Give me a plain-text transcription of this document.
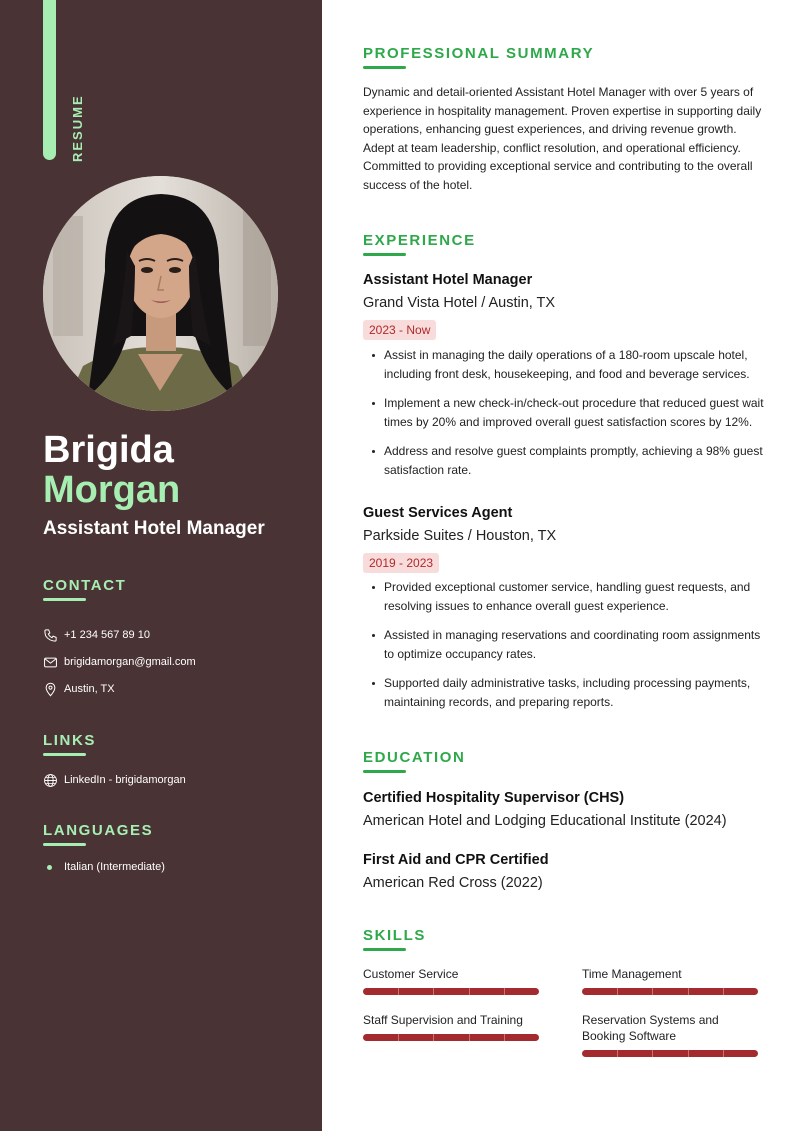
RESUME
Brigida
Morgan
Assistant Hotel Manager
CONTACT
+1 234 567 89 10
brigidamorgan@gmail.com
Austin, TX
LINKS
LinkedIn - brigidamorgan
LANGUAGES
Italian (Intermediate)
PROFESSIONAL SUMMARY

Dynamic and detail-oriented Assistant Hotel Manager with over 5 years of experience in hospitality management. Proven expertise in supporting daily operations, enhancing guest experiences, and driving revenue growth. Adept at team leadership, conflict resolution, and operational efficiency. Committed to providing exceptional service and contributing to the overall success of the hotel.

EXPERIENCE
Assistant Hotel Manager
Grand Vista Hotel / Austin, TX
2023 - Now
Assist in managing the daily operations of a 180-room upscale hotel, including front desk, housekeeping, and food and beverage services.
Implement a new check-in/check-out procedure that reduced guest wait times by 20% and improved overall guest satisfaction scores by 12%.
Address and resolve guest complaints promptly, achieving a 98% guest satisfaction rate.
Guest Services Agent
Parkside Suites / Houston, TX
2019 - 2023
Provided exceptional customer service, handling guest requests, and resolving issues to enhance overall guest experience.
Assisted in managing reservations and coordinating room assignments to optimize occupancy rates.
Supported daily administrative tasks, including processing payments, maintaining records, and preparing reports.
EDUCATION
Certified Hospitality Supervisor (CHS)
American Hotel and Lodging Educational Institute (2024)
First Aid and CPR Certified
American Red Cross (2022)
SKILLS
Customer Service	Time Management
Staff Supervision and Training	Reservation Systems and Booking Software
